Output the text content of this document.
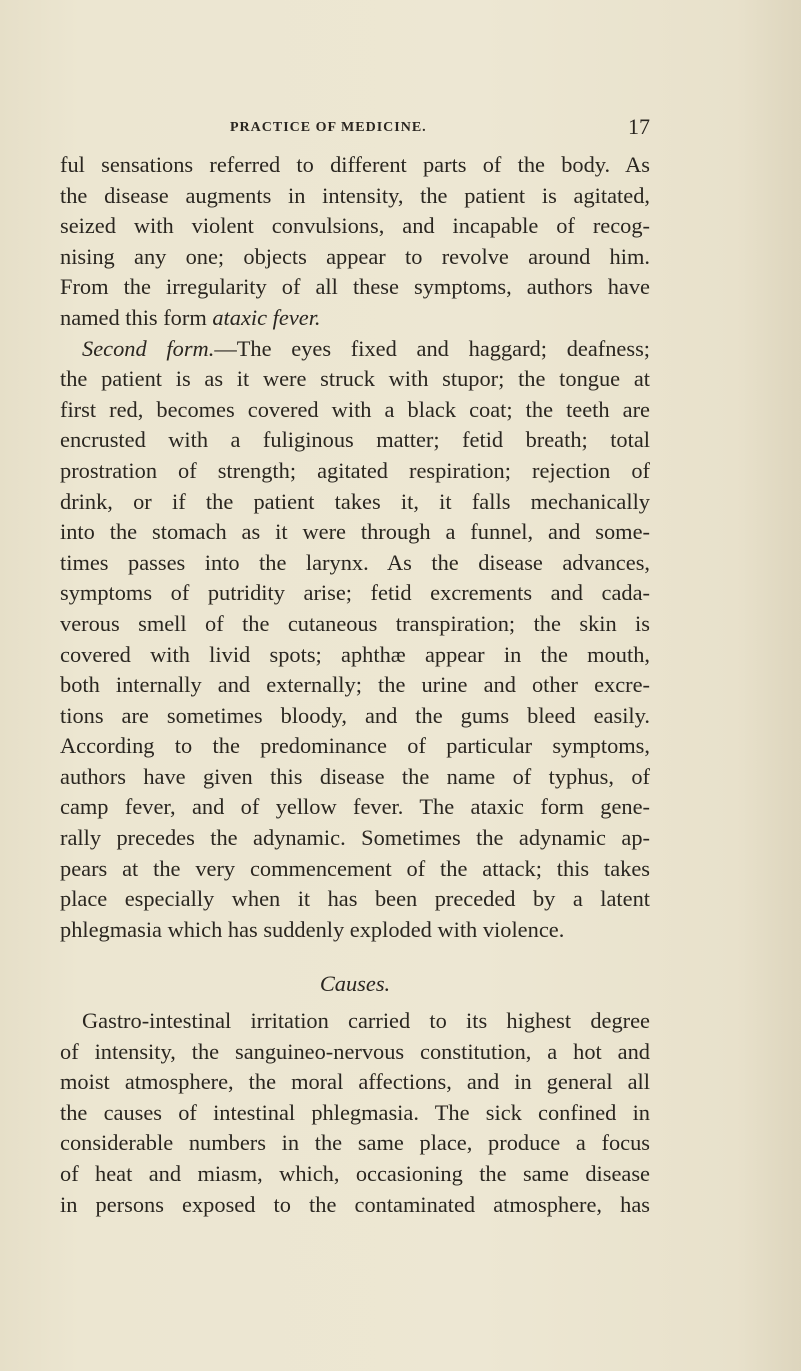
PRACTICE OF MEDICINE.	17
ful sensations referred to different parts of the body. As
the disease augments in intensity, the patient is agitated,
seized with violent convulsions, and incapable of recog-
nising any one; objects appear to revolve around him.
From the irregularity of all these symptoms, authors have
named this form ataxic fever.
Second form.—The eyes fixed and haggard; deafness;
the patient is as it were struck with stupor; the tongue at
first red, becomes covered with a black coat; the teeth are
encrusted with a fuliginous matter; fetid breath; total
prostration of strength; agitated respiration; rejection of
drink, or if the patient takes it, it falls mechanically
into the stomach as it were through a funnel, and some-
times passes into the larynx. As the disease advances,
symptoms of putridity arise; fetid excrements and cada-
verous smell of the cutaneous transpiration; the skin is
covered with livid spots; aphthæ appear in the mouth,
both internally and externally; the urine and other excre-
tions are sometimes bloody, and the gums bleed easily.
According to the predominance of particular symptoms,
authors have given this disease the name of typhus, of
camp fever, and of yellow fever. The ataxic form gene-
rally precedes the adynamic. Sometimes the adynamic ap-
pears at the very commencement of the attack; this takes
place especially when it has been preceded by a latent
phlegmasia which has suddenly exploded with violence.
Causes.
Gastro-intestinal irritation carried to its highest degree
of intensity, the sanguineo-nervous constitution, a hot and
moist atmosphere, the moral affections, and in general all
the causes of intestinal phlegmasia. The sick confined in
considerable numbers in the same place, produce a focus
of heat and miasm, which, occasioning the same disease
in persons exposed to the contaminated atmosphere, has
